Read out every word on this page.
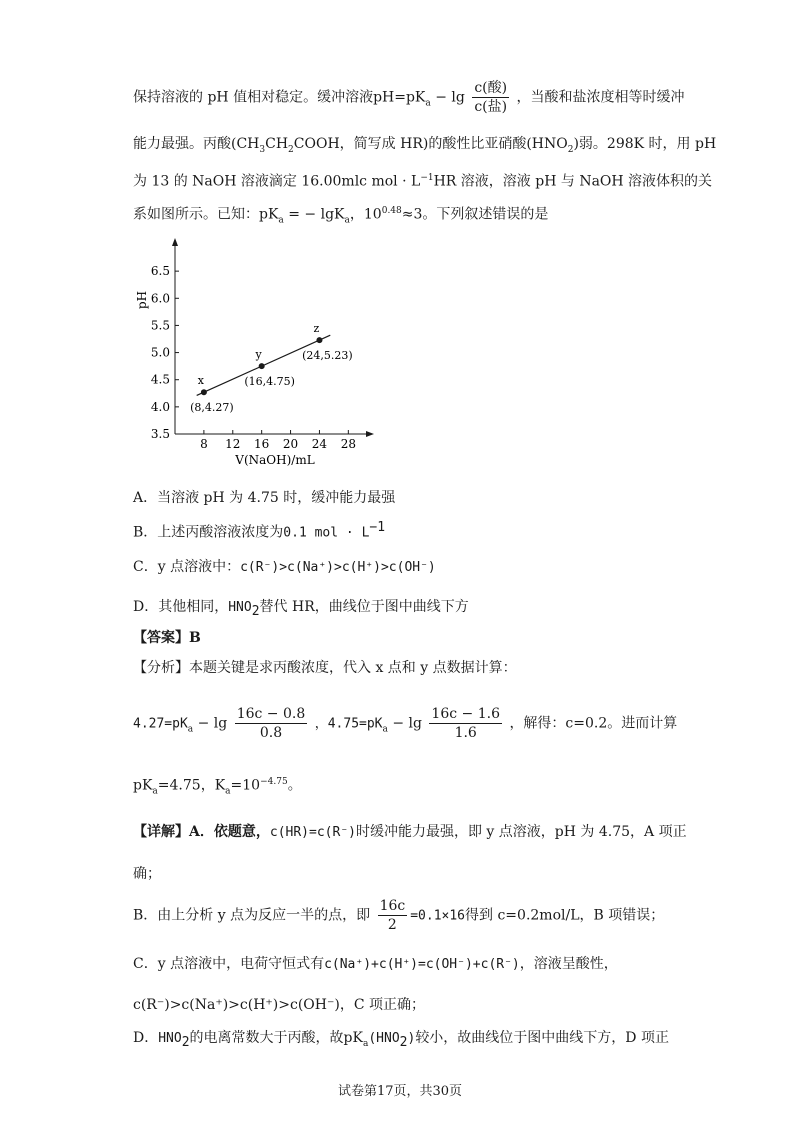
保持溶液的 pH 值相对稳定。缓冲溶液$pH=pK_a - \lg \frac{\text{c(酸)}}{\text{c(盐)}}$ ，当酸和盐浓度相等时缓冲
能力最强。丙酸($CH_3CH_2COOH$，简写成 HR)的酸性比亚硝酸$(HNO_2)$弱。298K 时，用 pH
为 13 的 NaOH 溶液滴定 16.00mlc mol · $L^{-1}HR$ 溶液，溶液 pH 与 NaOH 溶液体积的关
系如图所示。已知：$pK_a$ = − lgK$_a$，$10^{0.48}\approx 3$。下列叙述错误的是
3.5
4.0
4.5
5.0
5.5
6.0
6.5
8 12 16 20 24 28
pH
V(NaOH)/mL
x
(8,4.27)
y
(16,4.75)
z
(24,5.23)
A．当溶液 pH 为 4.75 时，缓冲能力最强
B．上述丙酸溶液浓度为0.1 mol · $L^{-1}$
C．y 点溶液中：c(R⁻)>c(Na⁺)>c(H⁺)>c(OH⁻)
D．其他相同，$HNO_2$替代 HR，曲线位于图中曲线下方
【答案】B
【分析】本题关键是求丙酸浓度，代入 x 点和 y 点数据计算：
$4.27=pK_a - \lg \frac{16c - 0.8}{0.8}$ ，$4.75=pK_a - \lg \frac{16c - 1.6}{1.6}$ ，解得：c=0.2。进而计算
$pK_a=4.75$，$K_a=10^{-4.75}$。
【详解】A．依题意，c(HR)=c(R⁻)时缓冲能力最强，即 y 点溶液，pH 为 4.75，A 项正
确；
B．由上分析 y 点为反应一半的点，即 $\frac{16c}{2} =0.1\times 16$得到 c=0.2mol/L，B 项错误；
C．y 点溶液中，电荷守恒式有c(Na⁺)+c(H⁺)=c(OH⁻)+c(R⁻)，溶液呈酸性，
c(R⁻)>c(Na⁺)>c(H⁺)>c(OH⁻)，C 项正确；
D．$HNO_2$的电离常数大于丙酸，故$pK_a(HNO_2)$较小，故曲线位于图中曲线下方，D 项正
试卷第17页，共30页
